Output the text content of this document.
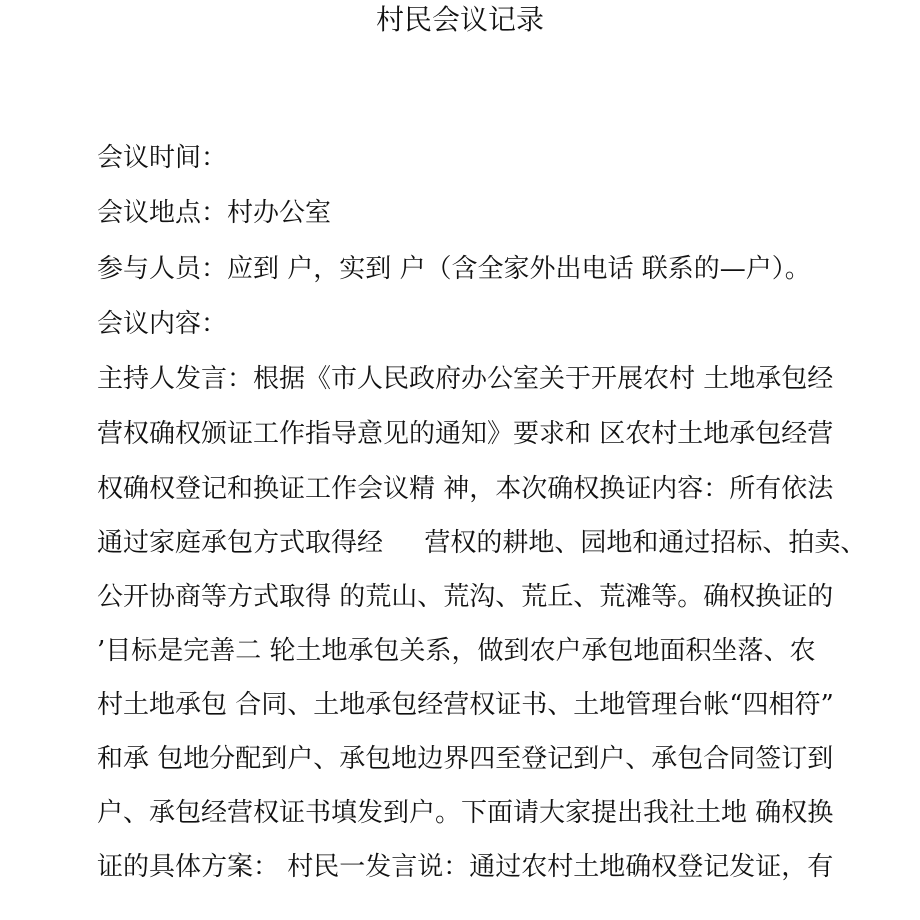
村民会议记录
会议时间：
会议地点：村办公室
参与人员：应到 户，实到 户（含全家外出电话 联系的—户）。
会议内容：
主持人发言：根据《市人民政府办公室关于开展农村 土地承包经
营权确权颁证工作指导意见的通知》要求和 区农村土地承包经营
权确权登记和换证工作会议精 神，本次确权换证内容：所有依法
通过家庭承包方式取得经     营权的耕地、园地和通过招标、拍卖、
公开协商等方式取得 的荒山、荒沟、荒丘、荒滩等。确权换证的
’目标是完善二 轮土地承包关系，做到农户承包地面积坐落、农
村土地承包 合同、土地承包经营权证书、土地管理台帐“四相符”
和承 包地分配到户、承包地边界四至登记到户、承包合同签订到
户、承包经营权证书填发到户。下面请大家提出我社土地 确权换
证的具体方案： 村民一发言说：通过农村土地确权登记发证，有
